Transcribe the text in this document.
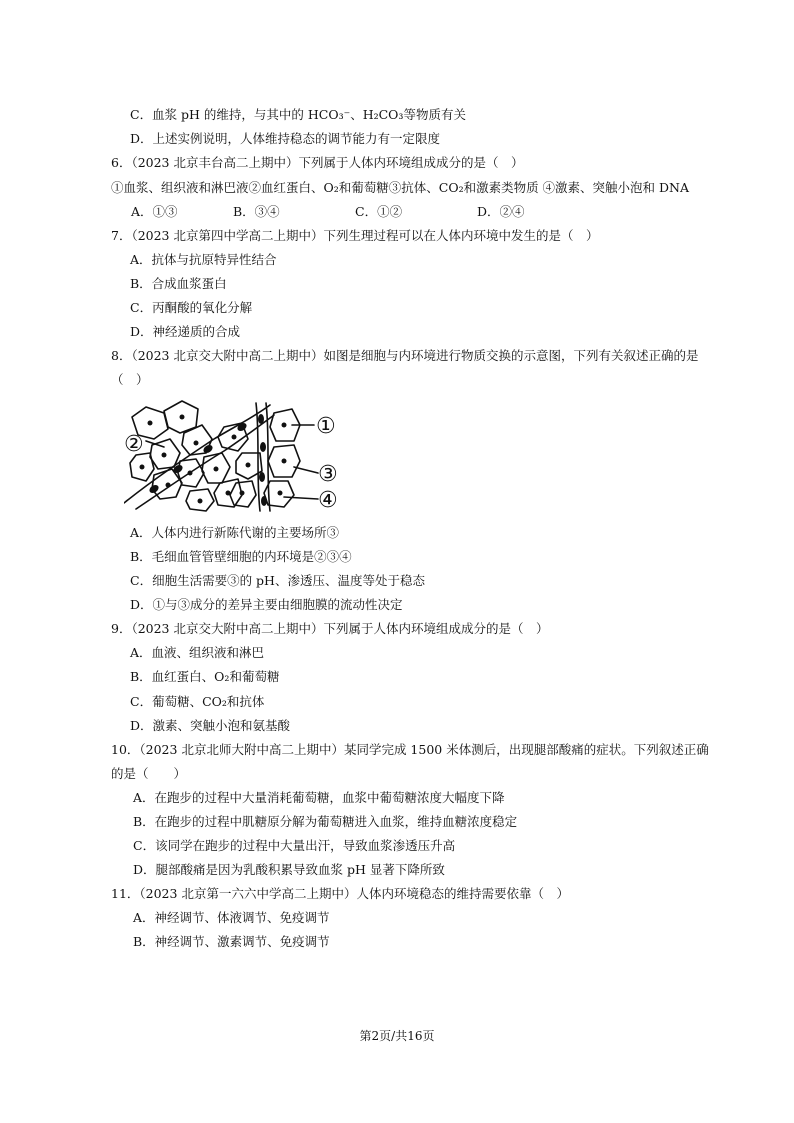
C．血浆 pH 的维持，与其中的 HCO₃⁻、H₂CO₃等物质有关
D．上述实例说明，人体维持稳态的调节能力有一定限度
6．（2023 北京丰台高二上期中）下列属于人体内环境组成成分的是（　）
①血浆、组织液和淋巴液②血红蛋白、O₂和葡萄糖③抗体、CO₂和激素类物质 ④激素、突触小泡和 DNA
A．①③	B．③④	C．①②	D．②④
7．（2023 北京第四中学高二上期中）下列生理过程可以在人体内环境中发生的是（　）
A．抗体与抗原特异性结合
B．合成血浆蛋白
C．丙酮酸的氧化分解
D．神经递质的合成
8．（2023 北京交大附中高二上期中）如图是细胞与内环境进行物质交换的示意图，下列有关叙述正确的是
（　）
①
②
③
④
A．人体内进行新陈代谢的主要场所③
B．毛细血管管壁细胞的内环境是②③④
C．细胞生活需要③的 pH、渗透压、温度等处于稳态
D．①与③成分的差异主要由细胞膜的流动性决定
9．（2023 北京交大附中高二上期中）下列属于人体内环境组成成分的是（　）
A．血液、组织液和淋巴
B．血红蛋白、O₂和葡萄糖
C．葡萄糖、CO₂和抗体
D．激素、突触小泡和氨基酸
10．（2023 北京北师大附中高二上期中）某同学完成 1500 米体测后，出现腿部酸痛的症状。下列叙述正确
的是（　　）
A．在跑步的过程中大量消耗葡萄糖，血浆中葡萄糖浓度大幅度下降
B．在跑步的过程中肌糖原分解为葡萄糖进入血浆，维持血糖浓度稳定
C．该同学在跑步的过程中大量出汗，导致血浆渗透压升高
D．腿部酸痛是因为乳酸积累导致血浆 pH 显著下降所致
11．（2023 北京第一六六中学高二上期中）人体内环境稳态的维持需要依靠（　）
A．神经调节、体液调节、免疫调节
B．神经调节、激素调节、免疫调节
第2页/共16页
